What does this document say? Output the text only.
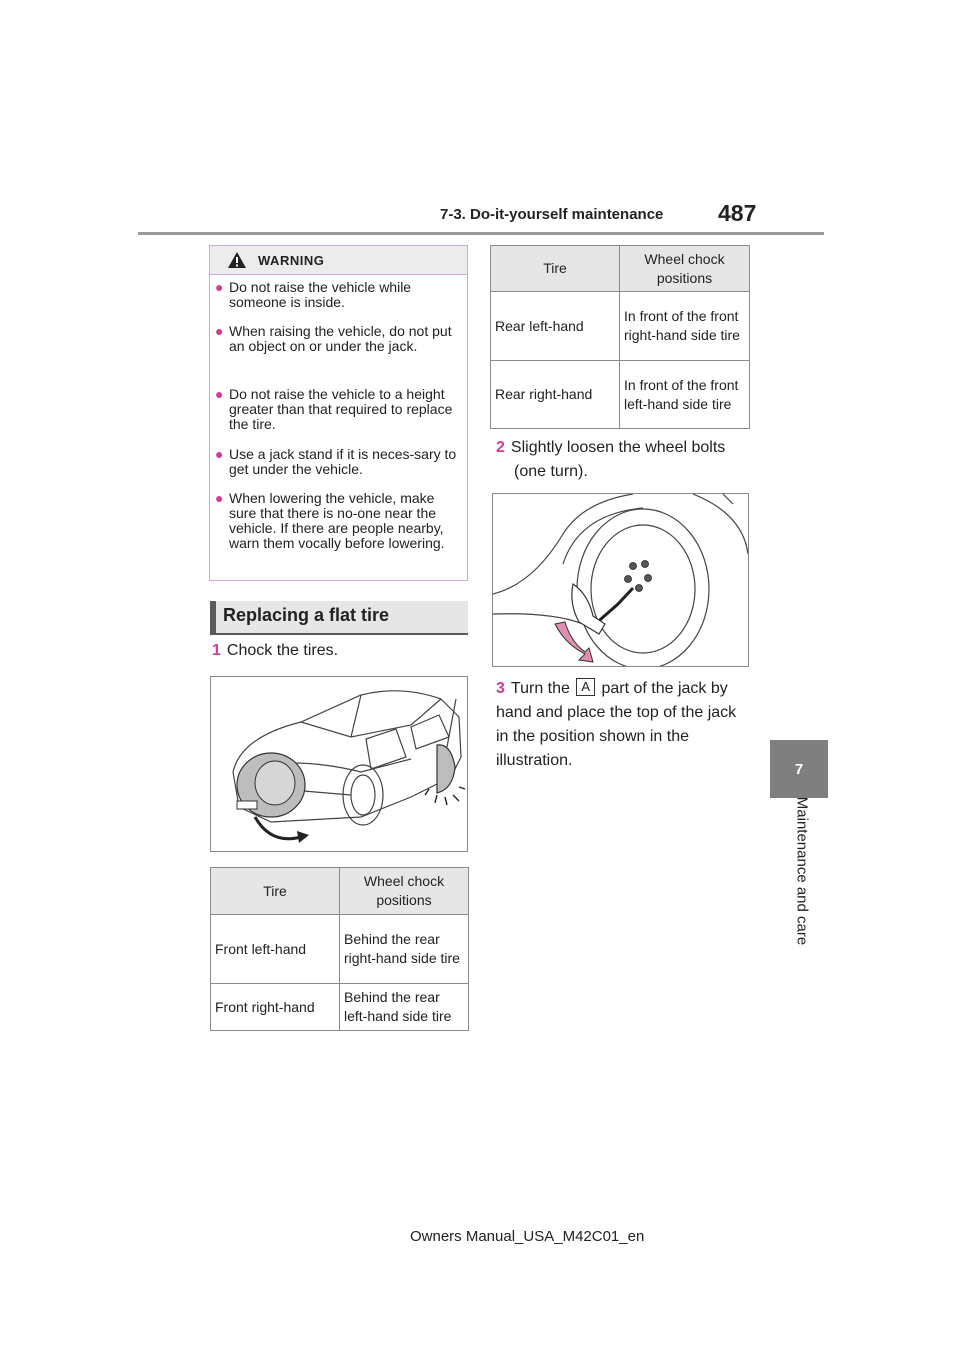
7-3. Do-it-yourself maintenance 487
7
Maintenance and care
WARNING
● Do not raise the vehicle while someone is inside.
● When raising the vehicle, do not put an object on or under the jack.
● Do not raise the vehicle to a height greater than that required to replace the tire.
● Use a jack stand if it is neces-sary to get under the vehicle.
● When lowering the vehicle, make sure that there is no-one near the vehicle. If there are people nearby, warn them vocally before lowering.
Replacing a flat tire
1 Chock the tires.
Tire	Wheel chock positions
Front left-hand	Behind the rear right-hand side tire
Front right-hand	Behind the rear left-hand side tire
Tire	Wheel chock positions
Rear left-hand	In front of the front right-hand side tire
Rear right-hand	In front of the front left-hand side tire
2 Slightly loosen the wheel bolts (one turn).
3 Turn the A part of the jack by hand and place the top of the jack in the position shown in the illustration.
Owners Manual_USA_M42C01_en
